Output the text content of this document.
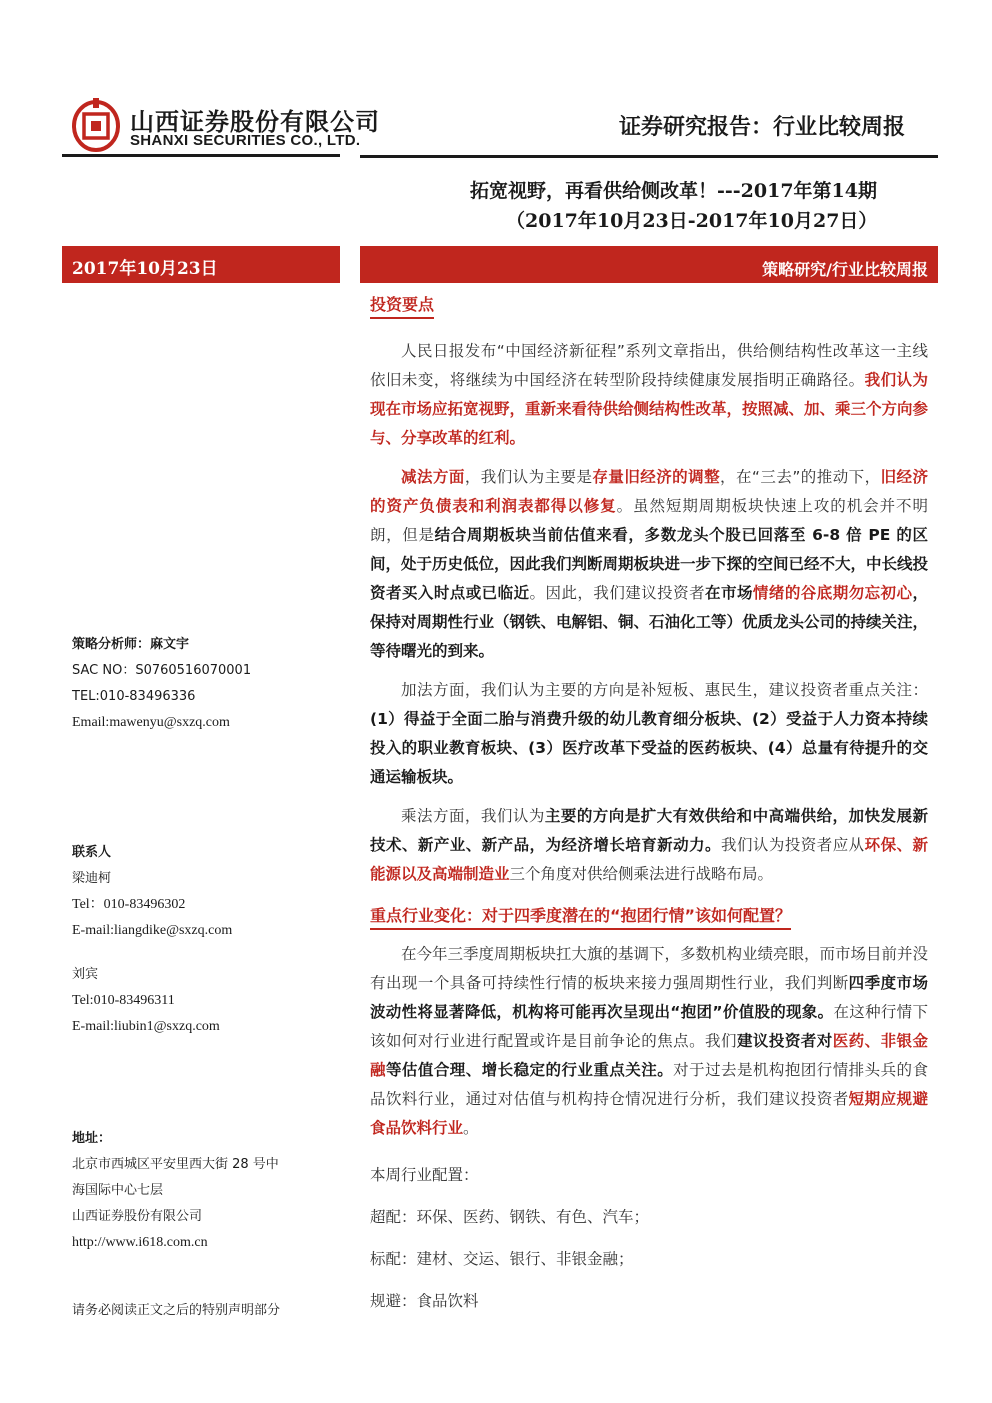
山西证券股份有限公司
SHANXI SECURITIES CO., LTD.
证券研究报告：行业比较周报
拓宽视野，再看供给侧改革！---2017年第14期
（2017年10月23日-2017年10月27日）
2017年10月23日	策略研究/行业比较周报
投资要点

人民日报发布“中国经济新征程”系列文章指出，供给侧结构性改革这一主线依旧未变，将继续为中国经济在转型阶段持续健康发展指明正确路径。我们认为现在市场应拓宽视野，重新来看待供给侧结构性改革，按照减、加、乘三个方向参与、分享改革的红利。

减法方面，我们认为主要是存量旧经济的调整，在“三去”的推动下，旧经济的资产负债表和利润表都得以修复。虽然短期周期板块快速上攻的机会并不明朗，但是结合周期板块当前估值来看，多数龙头个股已回落至 6-8 倍 PE 的区间，处于历史低位，因此我们判断周期板块进一步下探的空间已经不大，中长线投资者买入时点或已临近。因此，我们建议投资者在市场情绪的谷底期勿忘初心，保持对周期性行业（钢铁、电解铝、铜、石油化工等）优质龙头公司的持续关注，等待曙光的到来。

加法方面，我们认为主要的方向是补短板、惠民生，建议投资者重点关注：(1）得益于全面二胎与消费升级的幼儿教育细分板块、(2）受益于人力资本持续投入的职业教育板块、(3）医疗改革下受益的医药板块、(4）总量有待提升的交通运输板块。

乘法方面，我们认为主要的方向是扩大有效供给和中高端供给，加快发展新技术、新产业、新产品，为经济增长培育新动力。我们认为投资者应从环保、新能源以及高端制造业三个角度对供给侧乘法进行战略布局。

重点行业变化：对于四季度潜在的“抱团行情”该如何配置？

在今年三季度周期板块扛大旗的基调下，多数机构业绩亮眼，而市场目前并没有出现一个具备可持续性行情的板块来接力强周期性行业，我们判断四季度市场波动性将显著降低，机构将可能再次呈现出“抱团”价值股的现象。在这种行情下该如何对行业进行配置或许是目前争论的焦点。我们建议投资者对医药、非银金融等估值合理、增长稳定的行业重点关注。对于过去是机构抱团行情排头兵的食品饮料行业，通过对估值与机构持仓情况进行分析，我们建议投资者短期应规避食品饮料行业。

本周行业配置：

超配：环保、医药、钢铁、有色、汽车；

标配：建材、交运、银行、非银金融；

规避：食品饮料

策略分析师：麻文宇
SAC NO：S0760516070001
TEL:010-83496336
Email:mawenyu@sxzq.com
联系人
梁迪柯
Tel：010-83496302
E-mail:liangdike@sxzq.com
刘宾
Tel:010-83496311
E-mail:liubin1@sxzq.com
地址：
北京市西城区平安里西大街 28 号中
海国际中心七层
山西证券股份有限公司
http://www.i618.com.cn
请务必阅读正文之后的特别声明部分
